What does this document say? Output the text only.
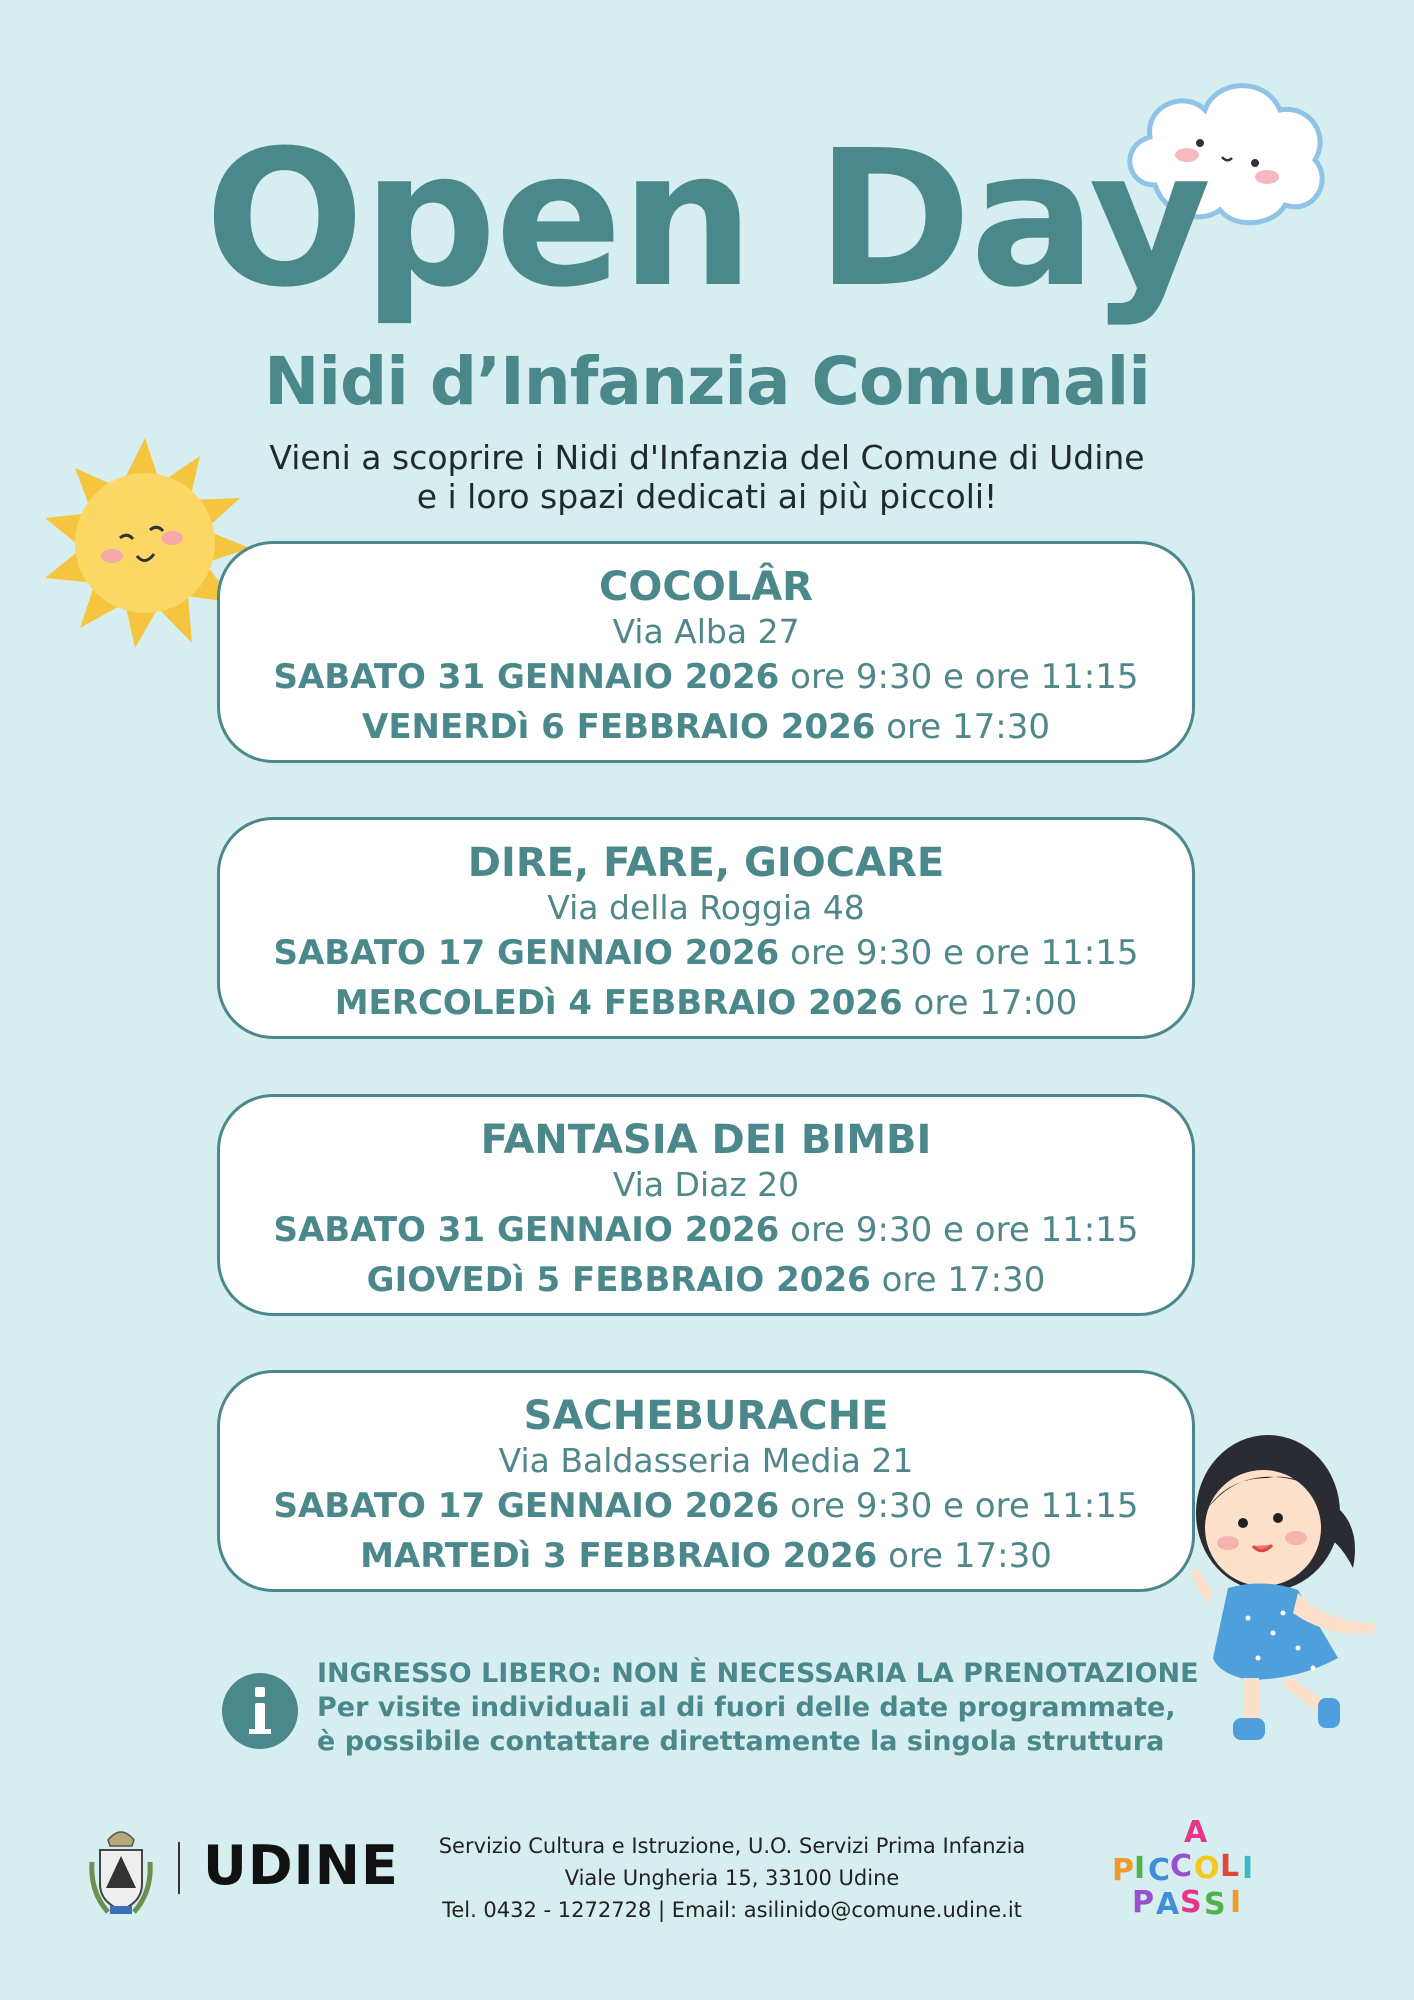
Open Day
Nidi d’Infanzia Comunali
Vieni a scoprire i Nidi d'Infanzia del Comune di Udine
e i loro spazi dedicati ai più piccoli!
COCOLÂR
Via Alba 27
SABATO 31 GENNAIO 2026 ore 9:30 e ore 11:15
VENERDì 6 FEBBRAIO 2026 ore 17:30
DIRE, FARE, GIOCARE
Via della Roggia 48
SABATO 17 GENNAIO 2026 ore 9:30 e ore 11:15
MERCOLEDì 4 FEBBRAIO 2026 ore 17:00
FANTASIA DEI BIMBI
Via Diaz 20
SABATO 31 GENNAIO 2026 ore 9:30 e ore 11:15
GIOVEDì 5 FEBBRAIO 2026 ore 17:30
SACHEBURACHE
Via Baldasseria Media 21
SABATO 17 GENNAIO 2026 ore 9:30 e ore 11:15
MARTEDì 3 FEBBRAIO 2026 ore 17:30
INGRESSO LIBERO: NON È NECESSARIA LA PRENOTAZIONE
Per visite individuali al di fuori delle date programmate,
è possibile contattare direttamente la singola struttura
UDINE	Servizio Cultura e Istruzione, U.O. Servizi Prima Infanzia
Viale Ungheria 15, 33100 Udine
Tel. 0432 - 1272728 | Email: asilinido@comune.udine.it
A
P I C C O L I
P A S S I
